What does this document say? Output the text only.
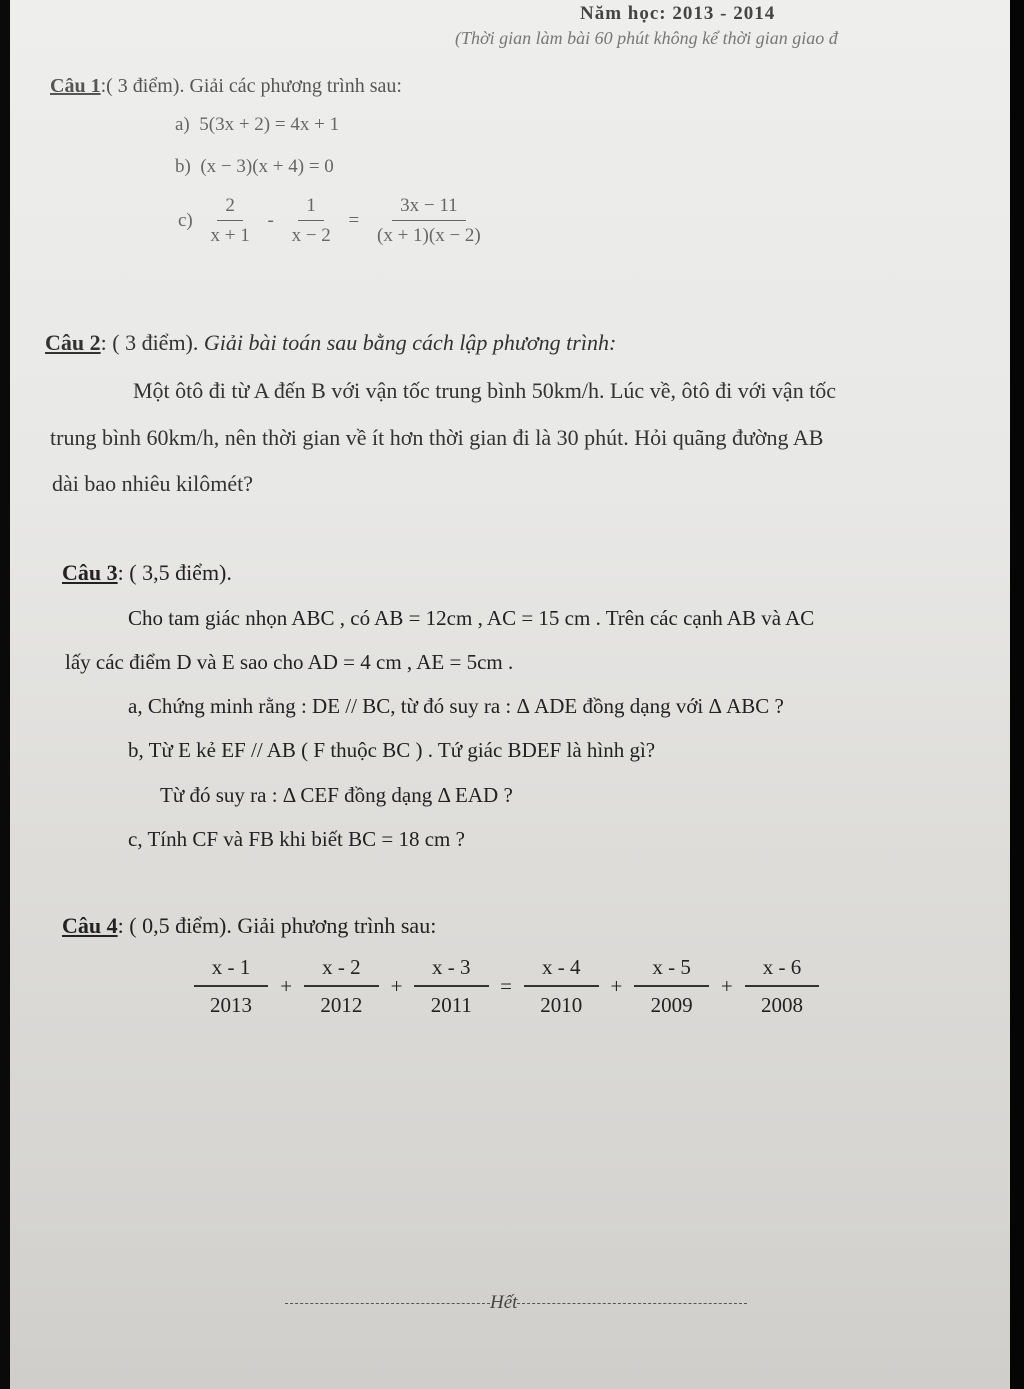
Năm học: 2013 - 2014
(Thời gian làm bài 60 phút không kể thời gian giao đ
Câu 1:( 3 điểm). Giải các phương trình sau:
a) 5(3x + 2) = 4x + 1
b) (x − 3)(x + 4) = 0
$c) \frac{2}{x + 1} - \frac{1}{x - 2} = \frac{3x - 11}{(x + 1)(x - 2)}$
Câu 2: ( 3 điểm). Giải bài toán sau bằng cách lập phương trình:
Một ôtô đi từ A đến B với vận tốc trung bình 50km/h. Lúc về, ôtô đi với vận tốc
trung bình 60km/h, nên thời gian về ít hơn thời gian đi là 30 phút. Hỏi quãng đường AB
dài bao nhiêu kilômét?
Câu 3: ( 3,5 điểm).
Cho tam giác nhọn ABC , có AB = 12cm , AC = 15 cm . Trên các cạnh AB và AC
lấy các điểm D và E sao cho AD = 4 cm , AE = 5cm .
a, Chứng minh rằng : DE // BC, từ đó suy ra : Δ ADE đồng dạng với Δ ABC ?
b, Từ E kẻ EF // AB ( F thuộc BC ) . Tứ giác BDEF là hình gì?
Từ đó suy ra : Δ CEF đồng dạng Δ EAD ?
c, Tính CF và FB khi biết BC = 18 cm ?
Câu 4: ( 0,5 điểm). Giải phương trình sau:
$\frac{x - 1}{2013} + \frac{x - 2}{2012} + \frac{x - 3}{2011} = \frac{x - 4}{2010} + \frac{x - 5}{2009} + \frac{x - 6}{2008}$
Hết
